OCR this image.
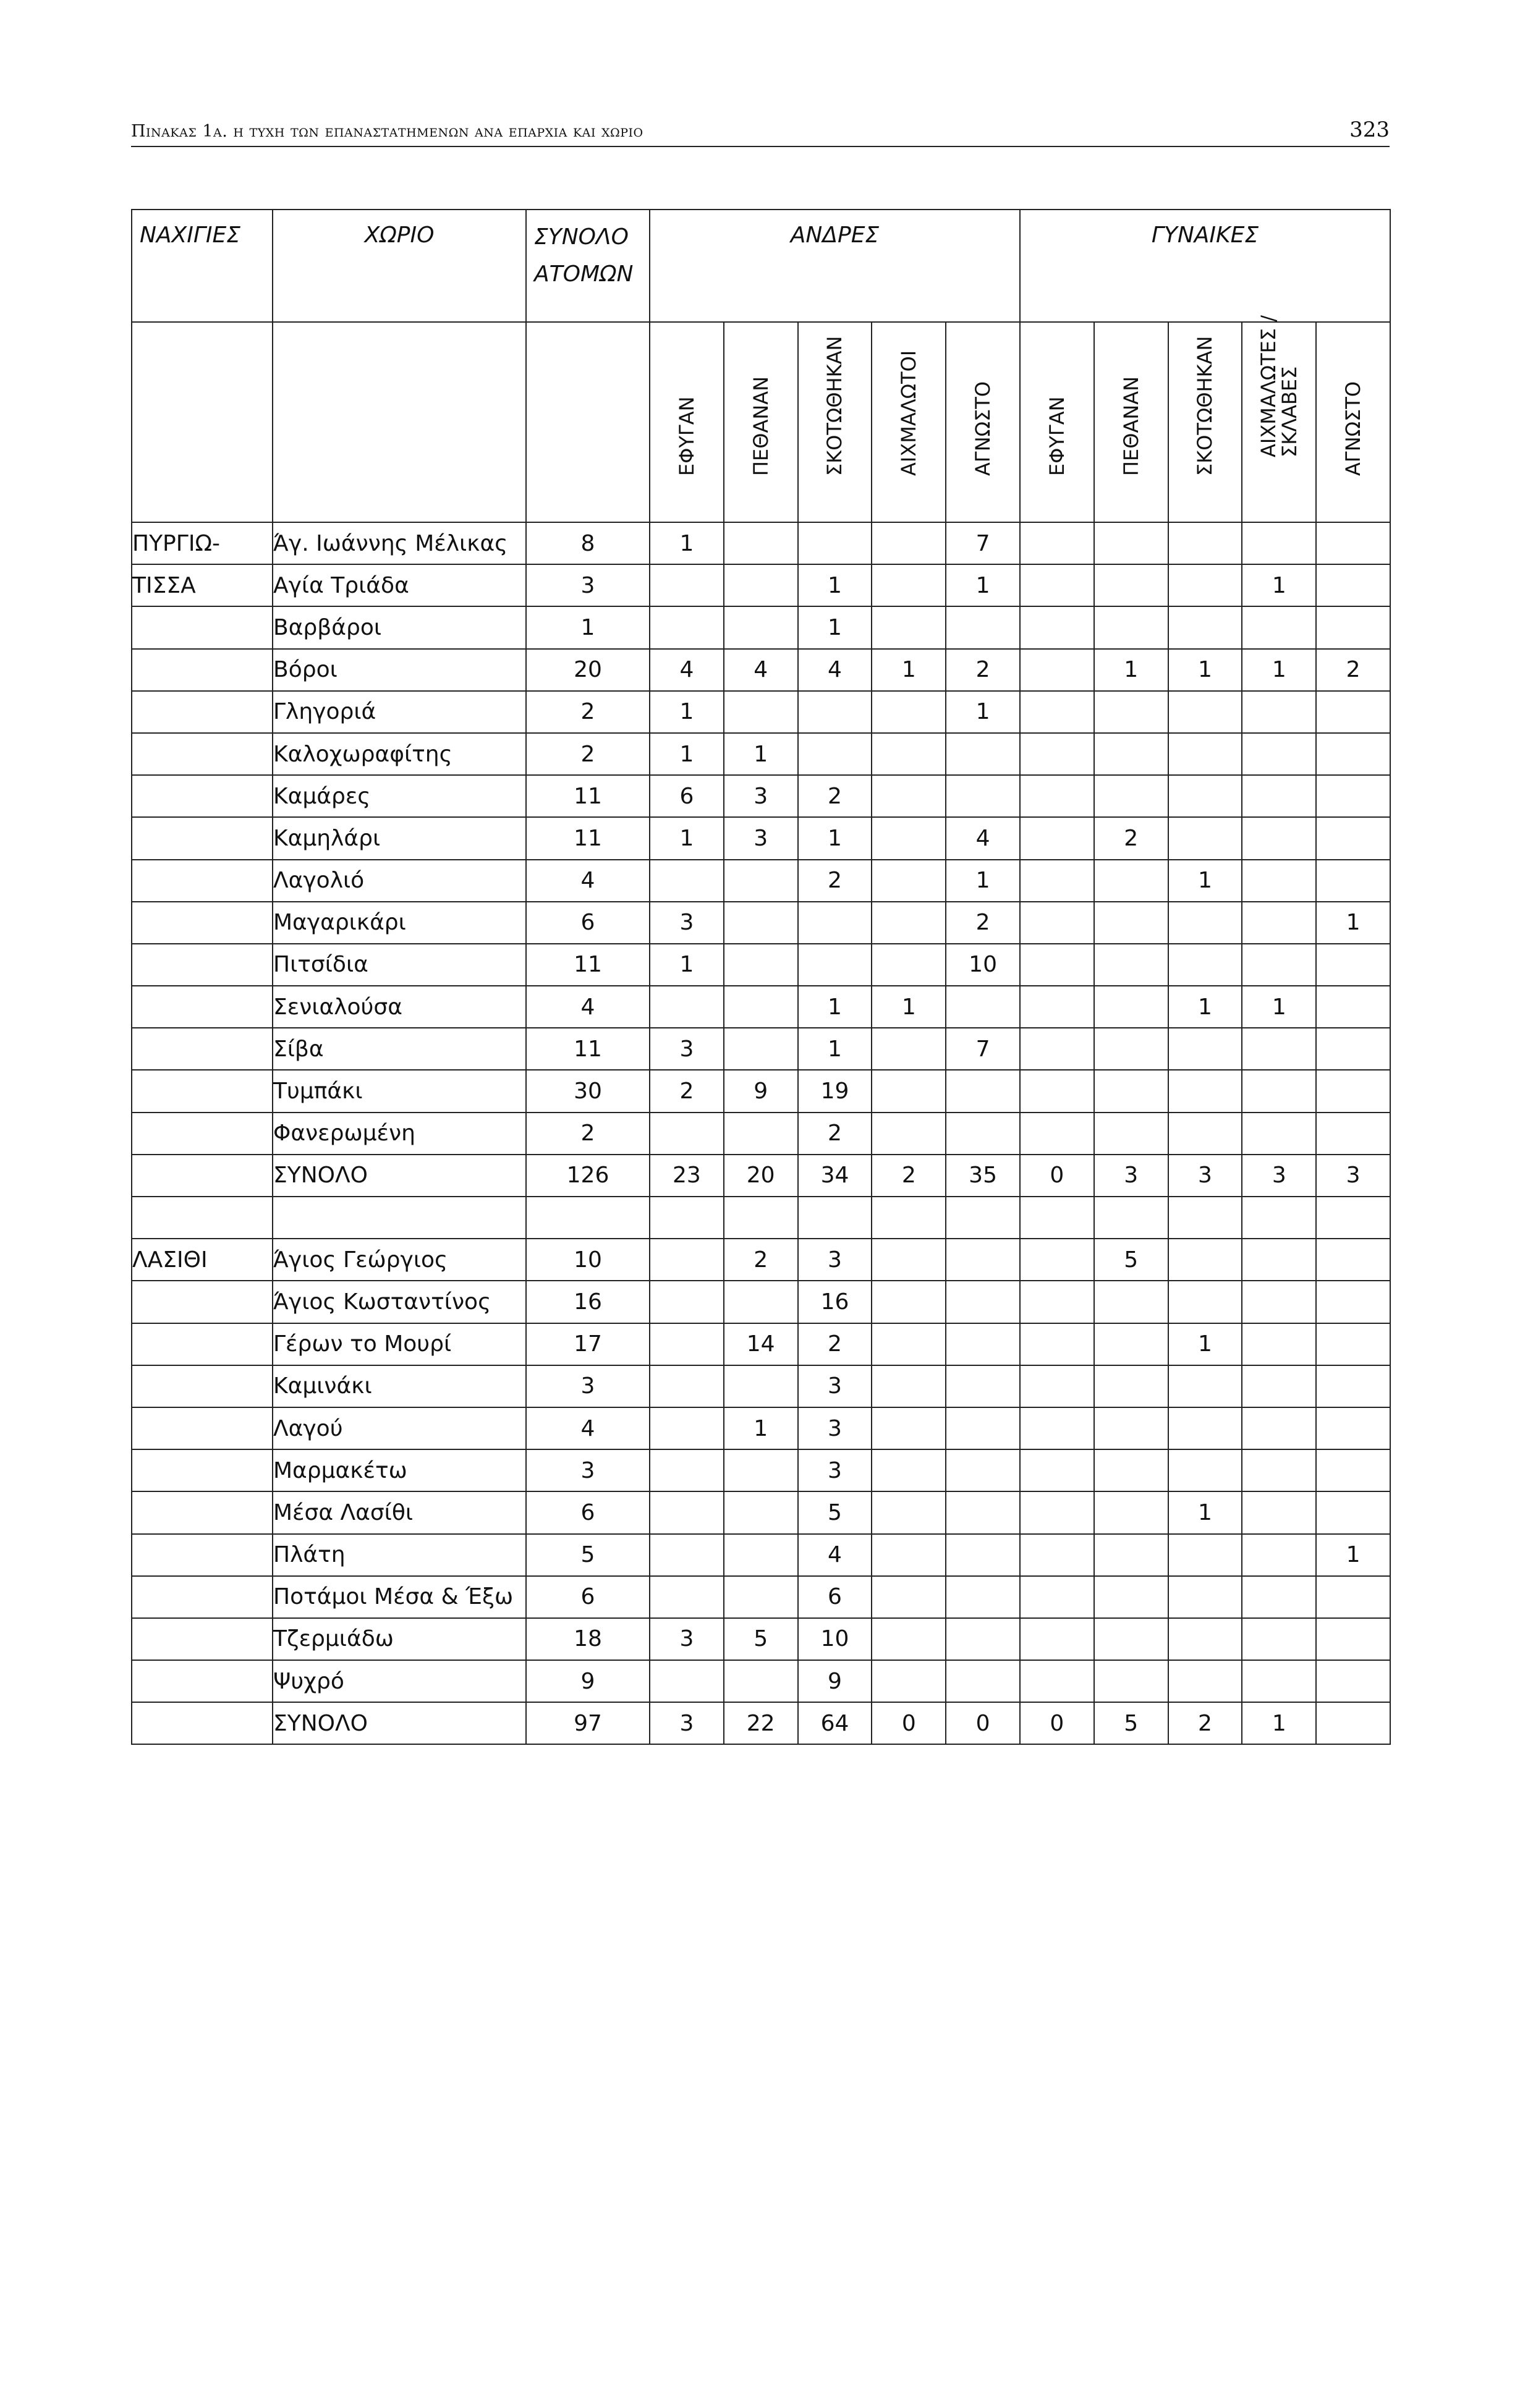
Πινακας 1α. η τυχη των επαναστατημενων ανα επαρχια και χωριο	323
ΝΑΧΙΓΙΕΣ	ΧΩΡΙΟ	ΣΥΝΟΛΟ ΑΤΟΜΩΝ	ΑΝΔΡΕΣ					ΓΥΝΑΙΚΕΣ				

			ΕΦΥΓΑΝ	ΠΕΘΑΝΑΝ	ΣΚΟΤΩΘΗΚΑΝ	ΑΙΧΜΑΛΩΤΟΙ	ΑΓΝΩΣΤΟ	ΕΦΥΓΑΝ	ΠΕΘΑΝΑΝ	ΣΚΟΤΩΘΗΚΑΝ	ΑΙΧΜΑΛΩΤΕΣ /
ΣΚΛΑΒΕΣ	ΑΓΝΩΣΤΟ

ΠΥΡΓΙΩ-	Άγ. Ιωάννης Μέλικας	8	1				7					
ΤΙΣΣΑ	Αγία Τριάδα	3			1		1				1	
	Βαρβάροι	1			1							
	Βόροι	20	4	4	4	1	2		1	1	1	2
	Γληγοριά	2	1				1					
	Καλοχωραφίτης	2	1	1								
	Καμάρες	11	6	3	2							
	Καμηλάρι	11	1	3	1		4		2			
	Λαγολιό	4			2		1			1		
	Μαγαρικάρι	6	3				2					1
	Πιτσίδια	11	1				10					
	Σενιαλούσα	4			1	1				1	1	
	Σίβα	11	3		1		7					
	Τυμπάκι	30	2	9	19							
	Φανερωμένη	2			2							
	ΣΥΝΟΛΟ	126	23	20	34	2	35	0	3	3	3	3

ΛΑΣΙΘΙ	Άγιος Γεώργιος	10		2	3				5			
	Άγιος Κωσταντίνος	16			16							
	Γέρων το Μουρί	17		14	2					1		
	Καμινάκι	3			3							
	Λαγού	4		1	3							
	Μαρμακέτω	3			3							
	Μέσα Λασίθι	6			5					1		
	Πλάτη	5			4							1
	Ποτάμοι Μέσα & Έξω	6			6							
	Τζερμιάδω	18	3	5	10							
	Ψυχρό	9			9							
	ΣΥΝΟΛΟ	97	3	22	64	0	0	0	5	2	1	
